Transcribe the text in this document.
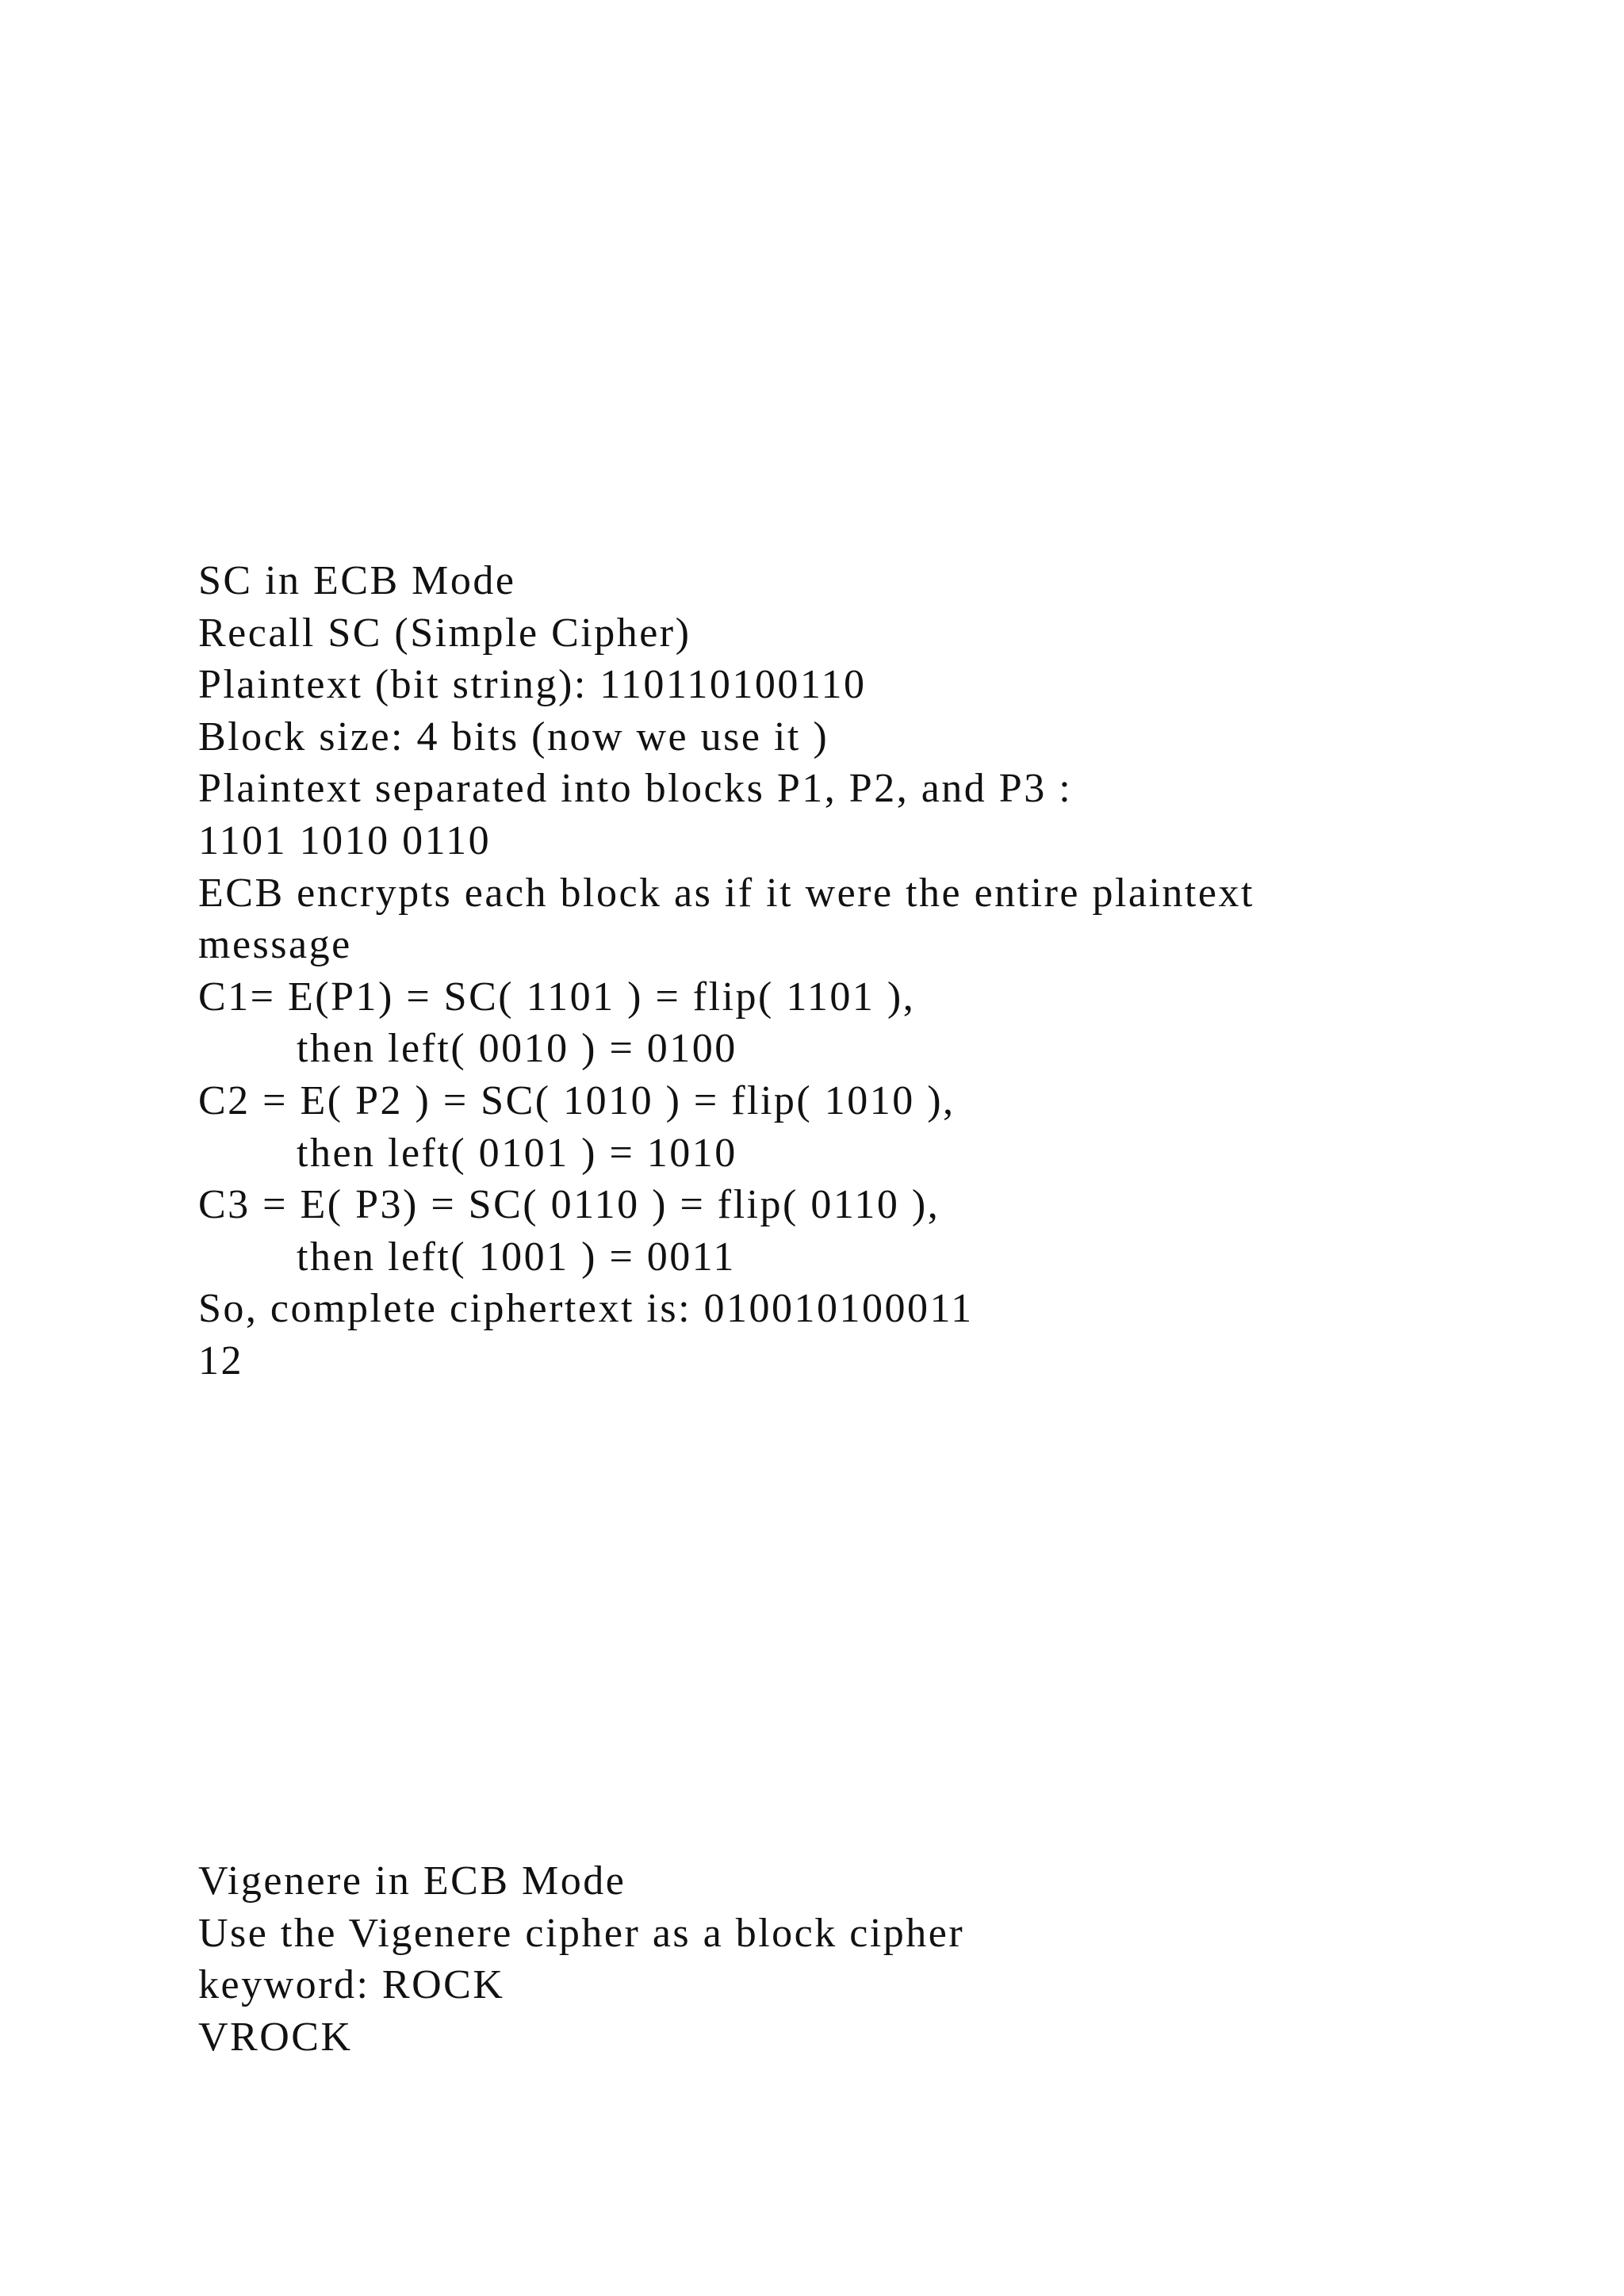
SC in ECB Mode
Recall SC (Simple Cipher)
Plaintext (bit string): 110110100110
Block size: 4 bits (now we use it )
Plaintext separated into blocks P1, P2, and P3 :
1101 1010 0110
ECB encrypts each block as if it were the entire plaintext
message
C1= E(P1) = SC( 1101 ) = flip( 1101 ),
then left( 0010 ) = 0100
C2 = E( P2 ) = SC( 1010 ) = flip( 1010 ),
then left( 0101 ) = 1010
C3 = E( P3) = SC( 0110 ) = flip( 0110 ),
then left( 1001 ) = 0011
So, complete ciphertext is: 010010100011
12
Vigenere in ECB Mode
Use the Vigenere cipher as a block cipher
keyword: ROCK
VROCK
